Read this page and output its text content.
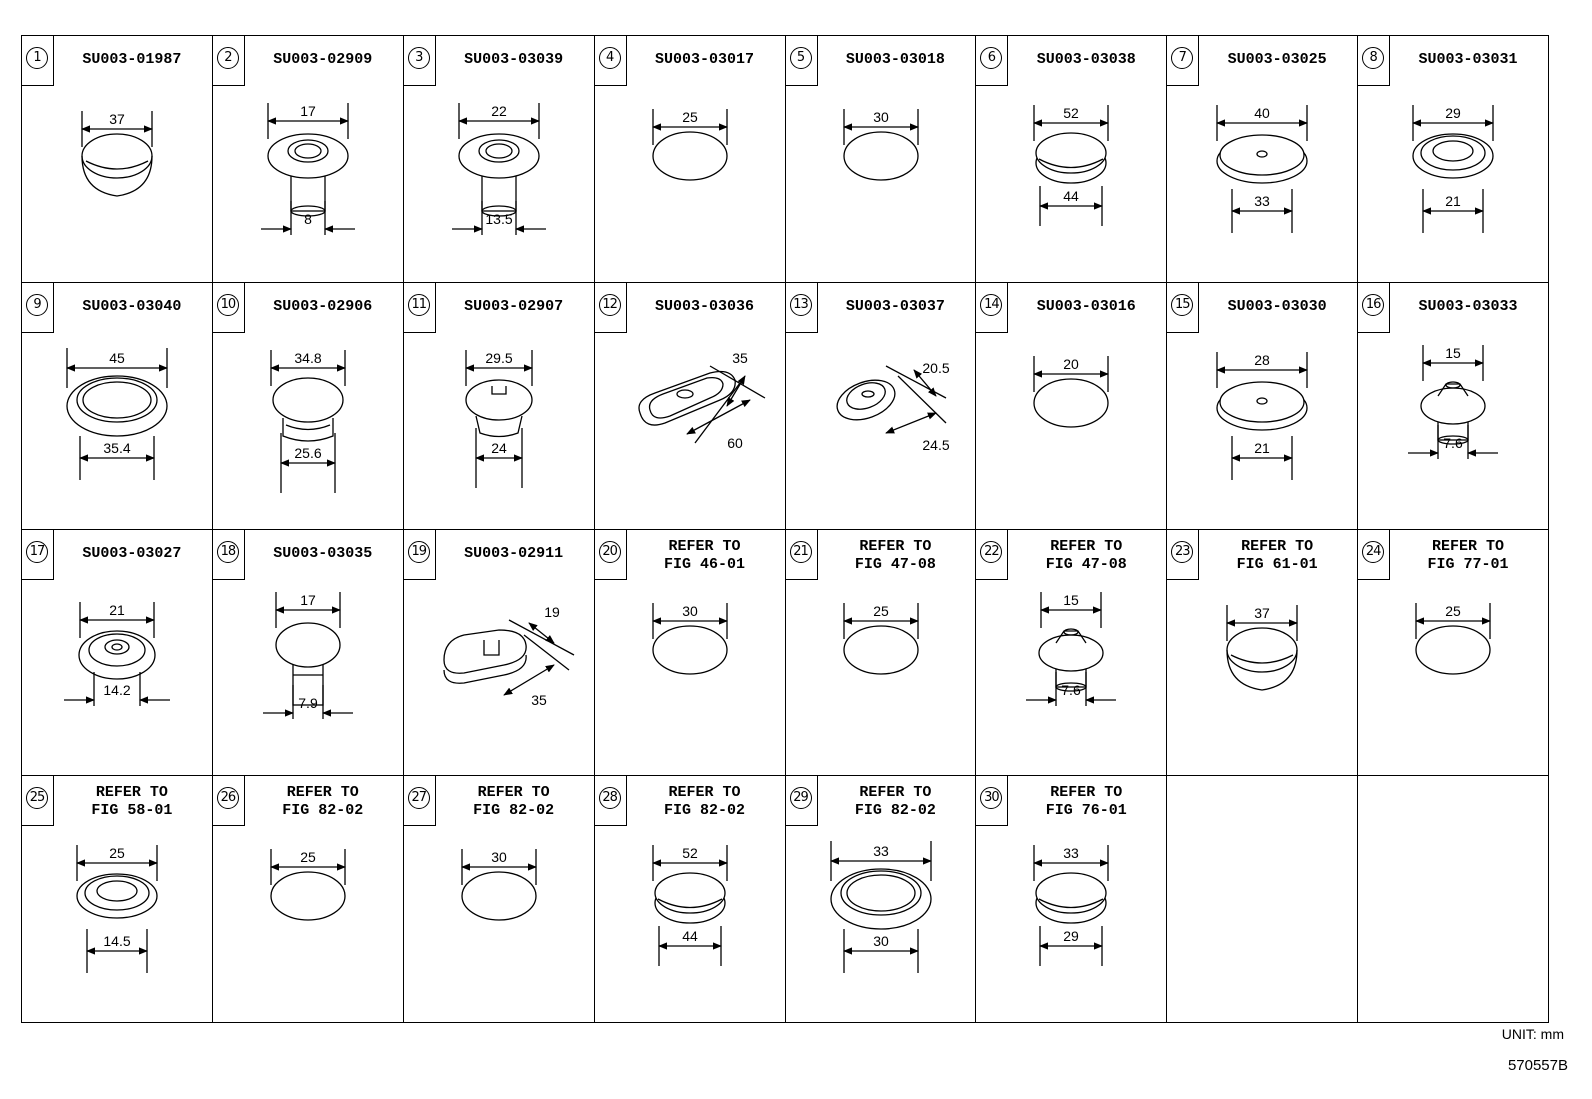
1	SU003-01987
37
2	SU003-02909
17
8
3	SU003-03039
22
13.5
4	SU003-03017
25
5	SU003-03018
30
6	SU003-03038
52
44
7	SU003-03025
40
33
8	SU003-03031
29
21
9	SU003-03040
45
35.4
10	SU003-02906
34.8
25.6
11	SU003-02907
29.5
24
12	SU003-03036
35
60
13	SU003-03037
20.5
24.5
14	SU003-03016
20
15	SU003-03030
28
21
16	SU003-03033
15
7.6
17	SU003-03027
21
14.2
18	SU003-03035
17
7.9
19	SU003-02911
19
35
20	REFER TO
FIG 46-01
30
21	REFER TO
FIG 47-08
25
22	REFER TO
FIG 47-08
15
7.6
23	REFER TO
FIG 61-01
37
24	REFER TO
FIG 77-01
25
25	REFER TO
FIG 58-01
25
14.5
26	REFER TO
FIG 82-02
25
27	REFER TO
FIG 82-02
30
28	REFER TO
FIG 82-02
52
44
29	REFER TO
FIG 82-02
33
30
30	REFER TO
FIG 76-01
33
29
UNIT: mm
570557B
